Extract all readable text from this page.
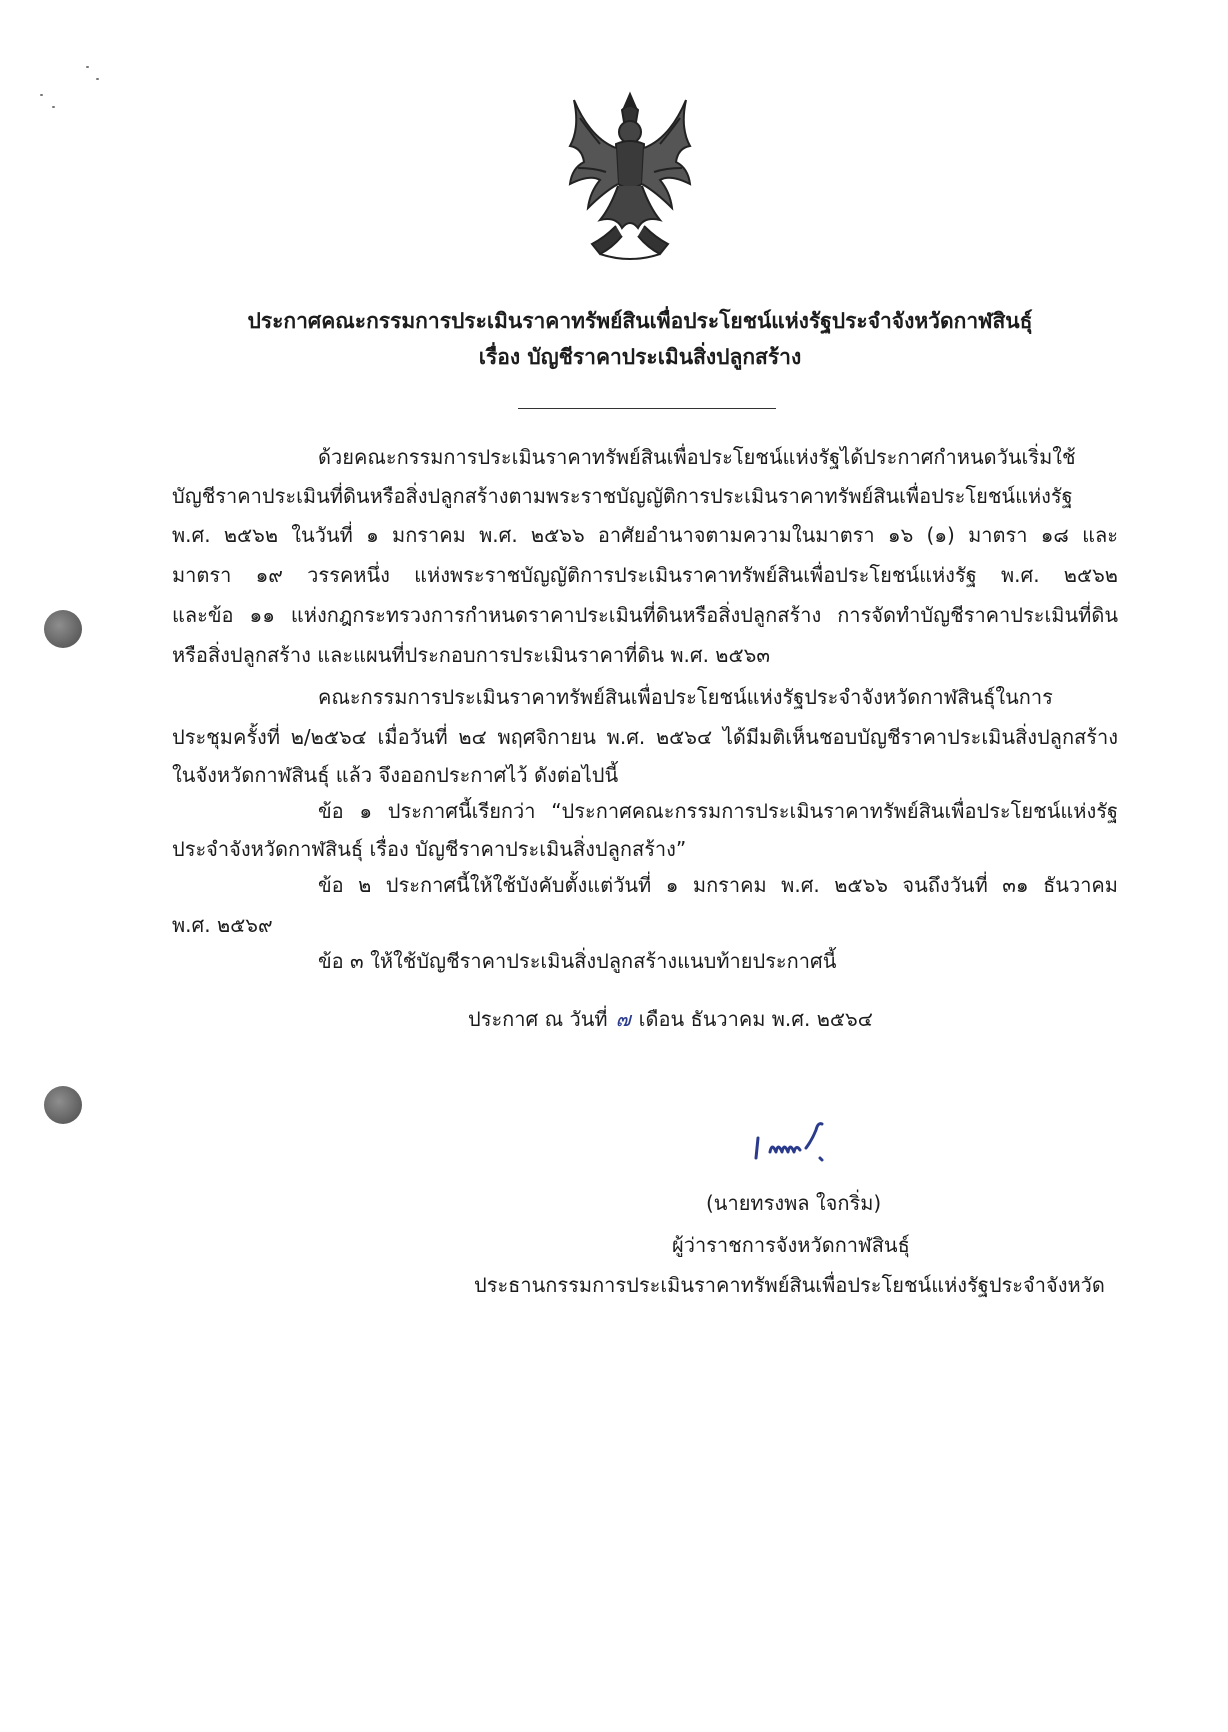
ประกาศคณะกรรมการประเมินราคาทรัพย์สินเพื่อประโยชน์แห่งรัฐประจำจังหวัดกาฬสินธุ์
เรื่อง บัญชีราคาประเมินสิ่งปลูกสร้าง
ด้วยคณะกรรมการประเมินราคาทรัพย์สินเพื่อประโยชน์แห่งรัฐได้ประกาศกำหนดวันเริ่มใช้
บัญชีราคาประเมินที่ดินหรือสิ่งปลูกสร้างตามพระราชบัญญัติการประเมินราคาทรัพย์สินเพื่อประโยชน์แห่งรัฐ
พ.ศ. ๒๕๖๒ ในวันที่ ๑ มกราคม พ.ศ. ๒๕๖๖ อาศัยอำนาจตามความในมาตรา ๑๖ (๑) มาตรา ๑๘ และ
มาตรา ๑๙ วรรคหนึ่ง แห่งพระราชบัญญัติการประเมินราคาทรัพย์สินเพื่อประโยชน์แห่งรัฐ พ.ศ. ๒๕๖๒
และข้อ ๑๑ แห่งกฎกระทรวงการกำหนดราคาประเมินที่ดินหรือสิ่งปลูกสร้าง การจัดทำบัญชีราคาประเมินที่ดิน
หรือสิ่งปลูกสร้าง และแผนที่ประกอบการประเมินราคาที่ดิน พ.ศ. ๒๕๖๓
คณะกรรมการประเมินราคาทรัพย์สินเพื่อประโยชน์แห่งรัฐประจำจังหวัดกาฬสินธุ์ในการ
ประชุมครั้งที่ ๒/๒๕๖๔ เมื่อวันที่ ๒๔ พฤศจิกายน พ.ศ. ๒๕๖๔ ได้มีมติเห็นชอบบัญชีราคาประเมินสิ่งปลูกสร้าง
ในจังหวัดกาฬสินธุ์ แล้ว จึงออกประกาศไว้ ดังต่อไปนี้
ข้อ ๑ ประกาศนี้เรียกว่า “ประกาศคณะกรรมการประเมินราคาทรัพย์สินเพื่อประโยชน์แห่งรัฐ
ประจำจังหวัดกาฬสินธุ์ เรื่อง บัญชีราคาประเมินสิ่งปลูกสร้าง”
ข้อ ๒ ประกาศนี้ให้ใช้บังคับตั้งแต่วันที่ ๑ มกราคม พ.ศ. ๒๕๖๖ จนถึงวันที่ ๓๑ ธันวาคม
พ.ศ. ๒๕๖๙
ข้อ ๓ ให้ใช้บัญชีราคาประเมินสิ่งปลูกสร้างแนบท้ายประกาศนี้
ประกาศ ณ วันที่ ๗ เดือน ธันวาคม พ.ศ. ๒๕๖๔
(นายทรงพล ใจกริ่ม)
ผู้ว่าราชการจังหวัดกาฬสินธุ์
ประธานกรรมการประเมินราคาทรัพย์สินเพื่อประโยชน์แห่งรัฐประจำจังหวัด
